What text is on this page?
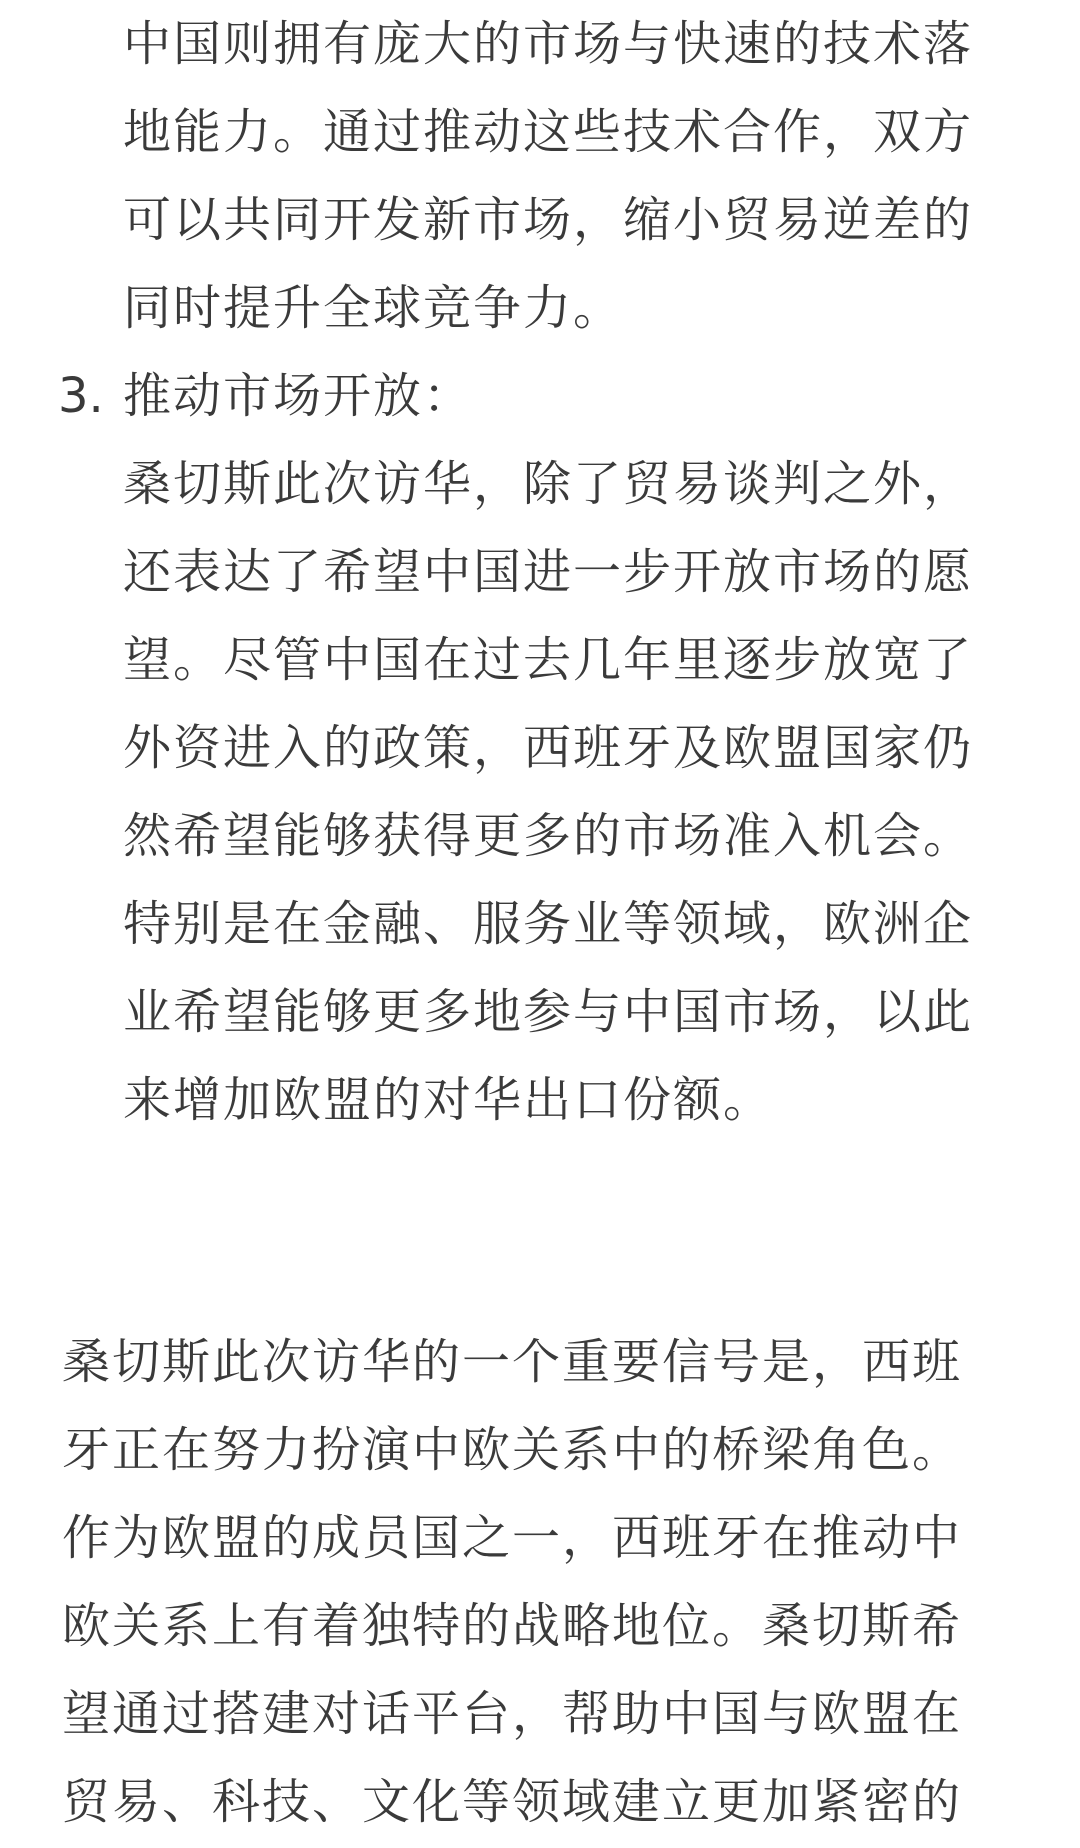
中国则拥有庞大的市场与快速的技术落
地能力。通过推动这些技术合作，双方
可以共同开发新市场，缩小贸易逆差的
同时提升全球竞争力。
3. 推动市场开放：
桑切斯此次访华，除了贸易谈判之外，
还表达了希望中国进一步开放市场的愿
望。尽管中国在过去几年里逐步放宽了
外资进入的政策，西班牙及欧盟国家仍
然希望能够获得更多的市场准入机会。
特别是在金融、服务业等领域，欧洲企
业希望能够更多地参与中国市场，以此
来增加欧盟的对华出口份额。
桑切斯此次访华的一个重要信号是，西班
牙正在努力扮演中欧关系中的桥梁角色。
作为欧盟的成员国之一，西班牙在推动中
欧关系上有着独特的战略地位。桑切斯希
望通过搭建对话平台，帮助中国与欧盟在
贸易、科技、文化等领域建立更加紧密的
